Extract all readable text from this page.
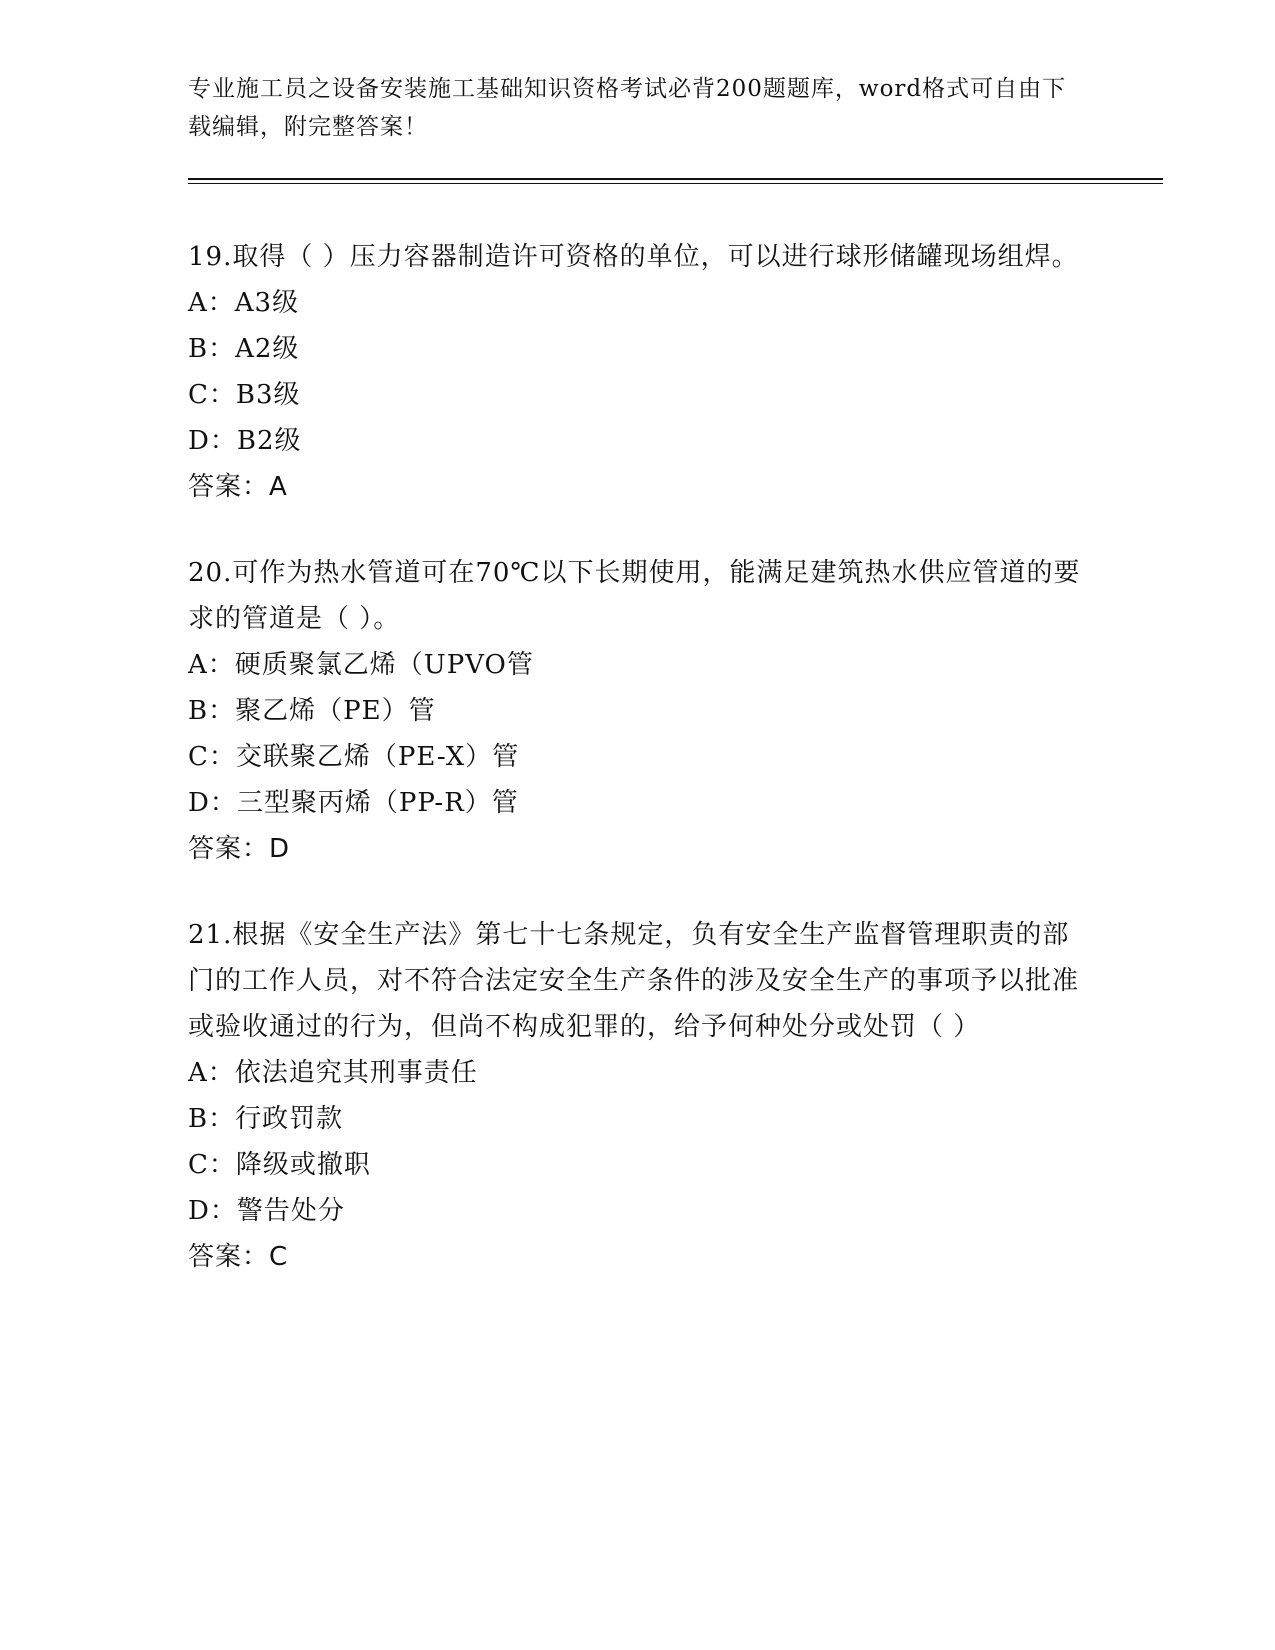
专业施工员之设备安装施工基础知识资格考试必背200题题库，word格式可自由下载编辑，附完整答案！

19.取得（ ）压力容器制造许可资格的单位，可以进行球形储罐现场组焊。

A：A3级

B：A2级

C：B3级

D：B2级

答案：A

20.可作为热水管道可在70℃以下长期使用，能满足建筑热水供应管道的要求的管道是（ ）。

A：硬质聚氯乙烯（UPVO管

B：聚乙烯（PE）管

C：交联聚乙烯（PE-X）管

D：三型聚丙烯（PP-R）管

答案：D

21.根据《安全生产法》第七十七条规定，负有安全生产监督管理职责的部门的工作人员，对不符合法定安全生产条件的涉及安全生产的事项予以批准或验收通过的行为，但尚不构成犯罪的，给予何种处分或处罚（ ）

A：依法追究其刑事责任

B：行政罚款

C：降级或撤职

D：警告处分

答案：C
